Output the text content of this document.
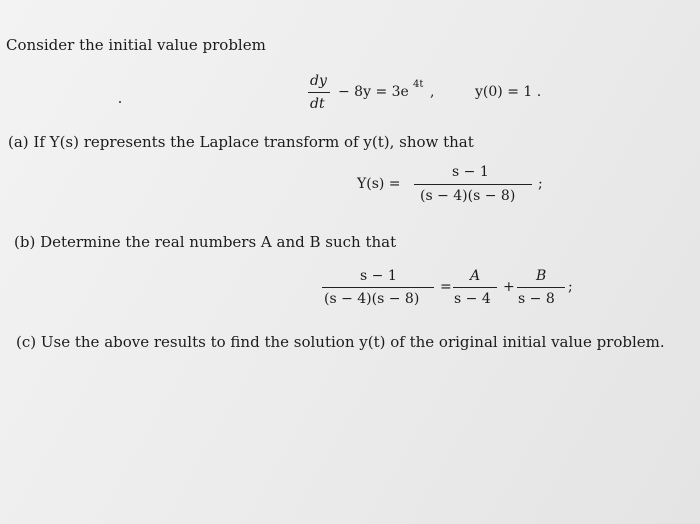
Consider the initial value problem
dy
dt
− 8y = 3e 4t ,	y(0) = 1 .
(a) If Y(s) represents the Laplace transform of y(t), show that
Y(s) =
s − 1
(s − 4)(s − 8)
;
(b) Determine the real numbers A and B such that
s − 1
(s − 4)(s − 8)
=
A
s − 4
+
B
s − 8
;
(c) Use the above results to find the solution y(t) of the original initial value problem.
